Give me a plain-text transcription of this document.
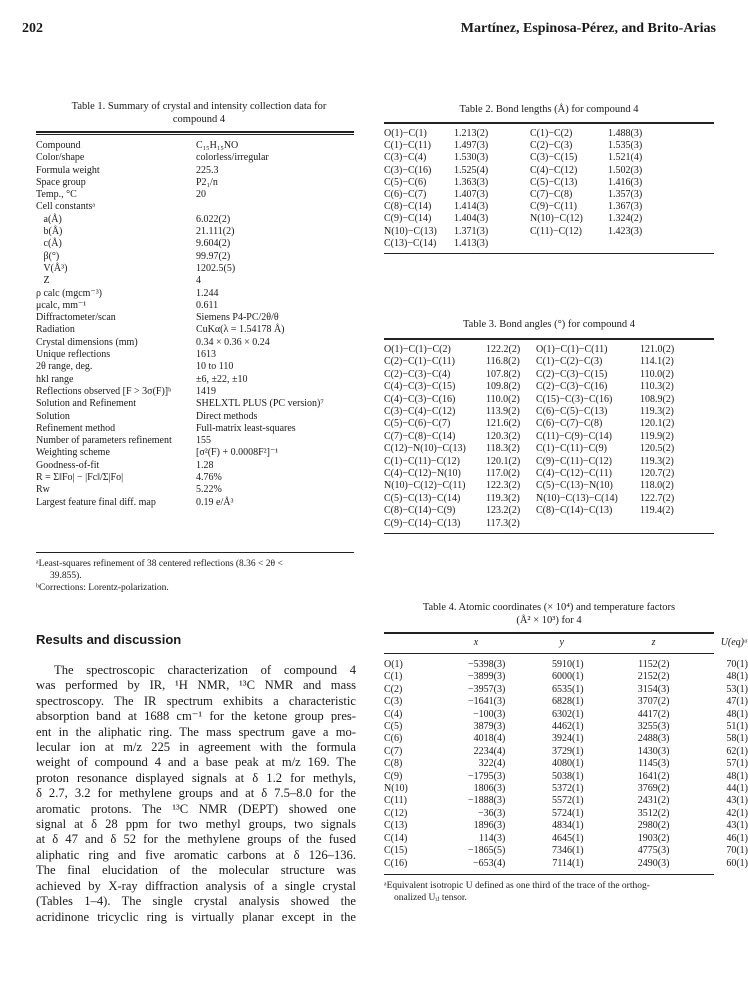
202	Martínez, Espinosa-Pérez, and Brito-Arias
Table 1. Summary of crystal and intensity collection data for
compound 4
Compound	C₁₅H₁₅NO
Color/shape	colorless/irregular
Formula weight	225.3
Space group	P2₁/n
Temp., °C	20
Cell constantsᵃ	
a(Å)	6.022(2)
b(Å)	21.111(2)
c(Å)	9.604(2)
β(°)	99.97(2)
V(Å³)	1202.5(5)
Z	4
ρ calc (mgcm⁻³)	1.244
μcalc, mm⁻¹	0.611
Diffractometer/scan	Siemens P4-PC/2θ/θ
Radiation	CuKα(λ = 1.54178 Å)
Crystal dimensions (mm)	0.34 × 0.36 × 0.24
Unique reflections	1613
2θ range, deg.	10 to 110
hkl range	±6, ±22, ±10
Reflections observed [F > 3σ(F)]ᵇ	1419
Solution and Refinement	SHELXTL PLUS (PC version)⁷
Solution	Direct methods
Refinement method	Full-matrix least-squares
Number of parameters refinement	155
Weighting scheme	[σ²(F) + 0.0008F²]⁻¹
Goodness-of-fit	1.28
R = Σ‖Fo| − |Fc‖/Σ|Fo|	4.76%
Rw	5.22%
Largest feature final diff. map	0.19 e/Å³
ᵃLeast-squares refinement of 38 centered reflections (8.36 < 2θ <
39.855).
ᵇCorrections: Lorentz-polarization.
Results and discussion
The spectroscopic characterization of compound 4
was performed by IR, ¹H NMR, ¹³C NMR and mass
spectroscopy. The IR spectrum exhibits a characteristic
absorption band at 1688 cm⁻¹ for the ketone group pres-
ent in the aliphatic ring. The mass spectrum gave a mo-
lecular ion at m/z 225 in agreement with the formula
weight of compound 4 and a base peak at m/z 169. The
proton resonance displayed signals at δ 1.2 for methyls,
δ 2.7, 3.2 for methylene groups and at δ 7.5–8.0 for the
aromatic protons. The ¹³C NMR (DEPT) showed one
signal at δ 28 ppm for two methyl groups, two signals
at δ 47 and δ 52 for the methylene groups of the fused
aliphatic ring and five aromatic carbons at δ 126–136.
The final elucidation of the molecular structure was
achieved by X-ray diffraction analysis of a single crystal
(Tables 1–4). The single crystal analysis showed the
acridinone tricyclic ring is virtually planar except in the
Table 2. Bond lengths (Å) for compound 4
O(1)−C(1)	1.213(2)	C(1)−C(2)	1.488(3)
C(1)−C(11)	1.497(3)	C(2)−C(3)	1.535(3)
C(3)−C(4)	1.530(3)	C(3)−C(15)	1.521(4)
C(3)−C(16)	1.525(4)	C(4)−C(12)	1.502(3)
C(5)−C(6)	1.363(3)	C(5)−C(13)	1.416(3)
C(6)−C(7)	1.407(3)	C(7)−C(8)	1.357(3)
C(8)−C(14)	1.414(3)	C(9)−C(11)	1.367(3)
C(9)−C(14)	1.404(3)	N(10)−C(12)	1.324(2)
N(10)−C(13)	1.371(3)	C(11)−C(12)	1.423(3)
C(13)−C(14)	1.413(3)		
Table 3. Bond angles (°) for compound 4
O(1)−C(1)−C(2)	122.2(2)	O(1)−C(1)−C(11)	121.0(2)
C(2)−C(1)−C(11)	116.8(2)	C(1)−C(2)−C(3)	114.1(2)
C(2)−C(3)−C(4)	107.8(2)	C(2)−C(3)−C(15)	110.0(2)
C(4)−C(3)−C(15)	109.8(2)	C(2)−C(3)−C(16)	110.3(2)
C(4)−C(3)−C(16)	110.0(2)	C(15)−C(3)−C(16)	108.9(2)
C(3)−C(4)−C(12)	113.9(2)	C(6)−C(5)−C(13)	119.3(2)
C(5)−C(6)−C(7)	121.6(2)	C(6)−C(7)−C(8)	120.1(2)
C(7)−C(8)−C(14)	120.3(2)	C(11)−C(9)−C(14)	119.9(2)
C(12)−N(10)−C(13)	118.3(2)	C(1)−C(11)−C(9)	120.5(2)
C(1)−C(11)−C(12)	120.1(2)	C(9)−C(11)−C(12)	119.3(2)
C(4)−C(12)−N(10)	117.0(2)	C(4)−C(12)−C(11)	120.7(2)
N(10)−C(12)−C(11)	122.3(2)	C(5)−C(13)−N(10)	118.0(2)
C(5)−C(13)−C(14)	119.3(2)	N(10)−C(13)−C(14)	122.7(2)
C(8)−C(14)−C(9)	123.2(2)	C(8)−C(14)−C(13)	119.4(2)
C(9)−C(14)−C(13)	117.3(2)		
Table 4. Atomic coordinates (× 10⁴) and temperature factors
(Å² × 10³) for 4
	x	y	z	U(eq)ᵃ
O(1)	−5398(3)	5910(1)	1152(2)	70(1)
C(1)	−3899(3)	6000(1)	2152(2)	48(1)
C(2)	−3957(3)	6535(1)	3154(3)	53(1)
C(3)	−1641(3)	6828(1)	3707(2)	47(1)
C(4)	−100(3)	6302(1)	4417(2)	48(1)
C(5)	3879(3)	4462(1)	3255(3)	51(1)
C(6)	4018(4)	3924(1)	2488(3)	58(1)
C(7)	2234(4)	3729(1)	1430(3)	62(1)
C(8)	322(4)	4080(1)	1145(3)	57(1)
C(9)	−1795(3)	5038(1)	1641(2)	48(1)
N(10)	1806(3)	5372(1)	3769(2)	44(1)
C(11)	−1888(3)	5572(1)	2431(2)	43(1)
C(12)	−36(3)	5724(1)	3512(2)	42(1)
C(13)	1896(3)	4834(1)	2980(2)	43(1)
C(14)	114(3)	4645(1)	1903(2)	46(1)
C(15)	−1865(5)	7346(1)	4775(3)	70(1)
C(16)	−653(4)	7114(1)	2490(3)	60(1)
ᵃEquivalent isotropic U defined as one third of the trace of the orthog-
onalized Uᵢⱼ tensor.
